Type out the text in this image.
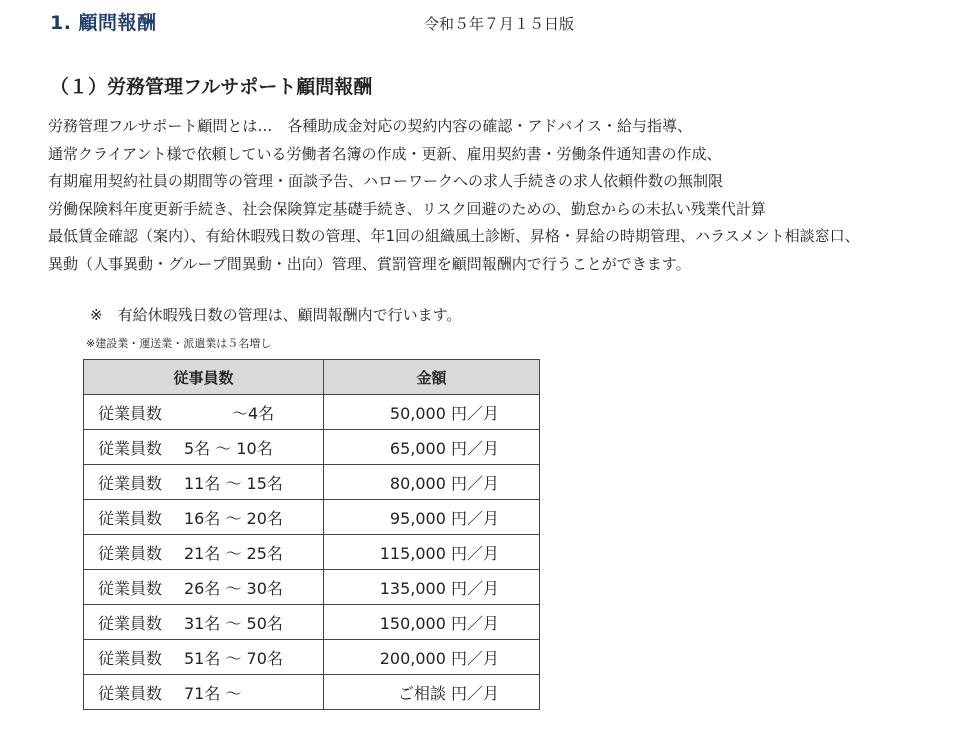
1. 顧問報酬	令和５年７月１５日版
（１）労務管理フルサポート顧問報酬
労務管理フルサポート顧問とは…　各種助成金対応の契約内容の確認・アドバイス・給与指導、
通常クライアント様で依頼している労働者名簿の作成・更新、雇用契約書・労働条件通知書の作成、
有期雇用契約社員の期間等の管理・面談予告、ハローワークへの求人手続きの求人依頼件数の無制限
労働保険料年度更新手続き、社会保険算定基礎手続き、リスク回避のための、勤怠からの未払い残業代計算
最低賃金確認（案内）、有給休暇残日数の管理、年1回の組織風土診断、昇格・昇給の時期管理、ハラスメント相談窓口、
異動（人事異動・グループ間異動・出向）管理、賞罰管理を顧問報酬内で行うことができます。
※　有給休暇残日数の管理は、顧問報酬内で行います。
※建設業・運送業・派遣業は５名増し
従事員数	金額
従業員数　　　～4名	50,000 円／月
従業員数 5名 ～ 10名	65,000 円／月
従業員数 11名 ～ 15名	80,000 円／月
従業員数 16名 ～ 20名	95,000 円／月
従業員数 21名 ～ 25名	115,000 円／月
従業員数 26名 ～ 30名	135,000 円／月
従業員数 31名 ～ 50名	150,000 円／月
従業員数 51名 ～ 70名	200,000 円／月
従業員数 71名 ～	ご相談 円／月
